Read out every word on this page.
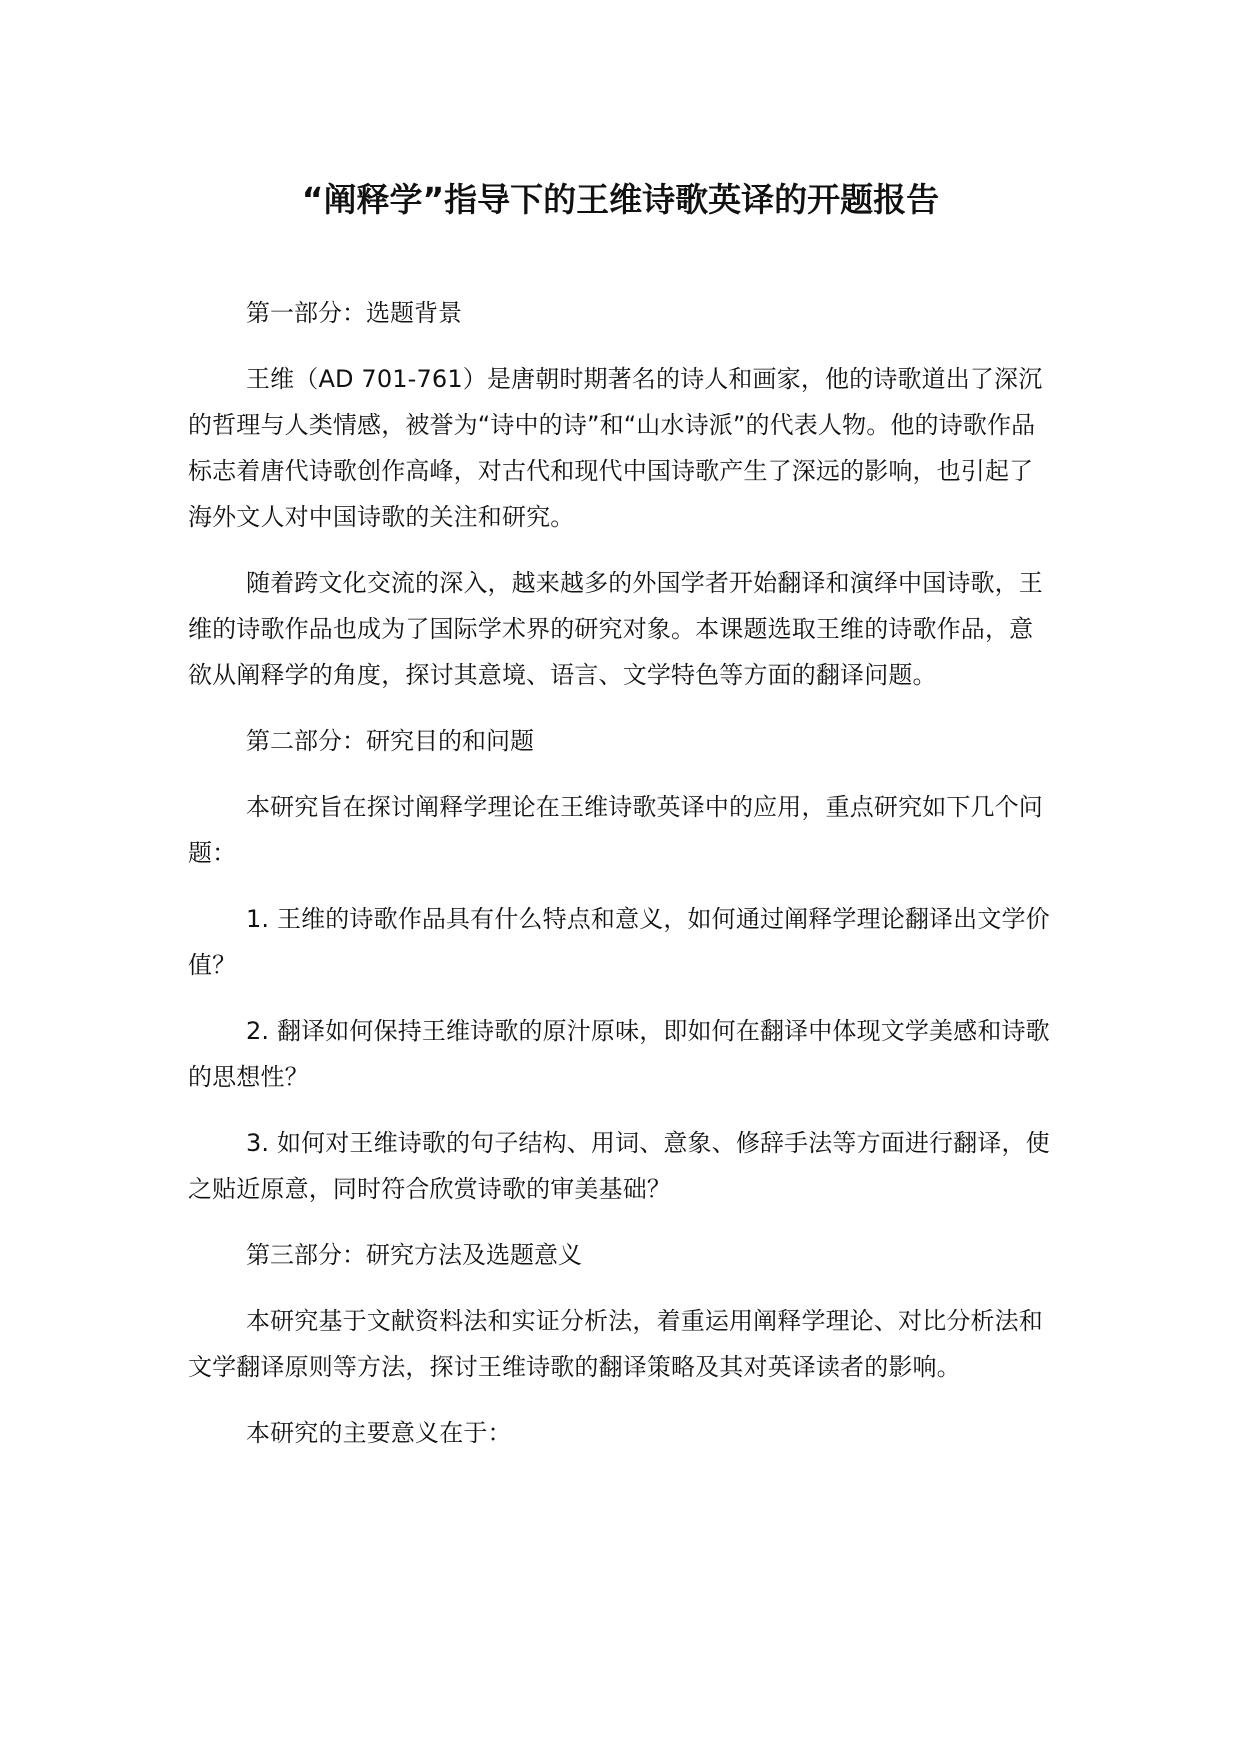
“阐释学”指导下的王维诗歌英译的开题报告

第一部分：选题背景

王维（AD 701-761）是唐朝时期著名的诗人和画家，他的诗歌道出了深沉的哲理与人类情感，被誉为“诗中的诗”和“山水诗派”的代表人物。他的诗歌作品标志着唐代诗歌创作高峰，对古代和现代中国诗歌产生了深远的影响，也引起了海外文人对中国诗歌的关注和研究。

随着跨文化交流的深入，越来越多的外国学者开始翻译和演绎中国诗歌，王维的诗歌作品也成为了国际学术界的研究对象。本课题选取王维的诗歌作品，意欲从阐释学的角度，探讨其意境、语言、文学特色等方面的翻译问题。

第二部分：研究目的和问题

本研究旨在探讨阐释学理论在王维诗歌英译中的应用，重点研究如下几个问题：

1. 王维的诗歌作品具有什么特点和意义，如何通过阐释学理论翻译出文学价值？

2. 翻译如何保持王维诗歌的原汁原味，即如何在翻译中体现文学美感和诗歌的思想性？

3. 如何对王维诗歌的句子结构、用词、意象、修辞手法等方面进行翻译，使之贴近原意，同时符合欣赏诗歌的审美基础？

第三部分：研究方法及选题意义

本研究基于文献资料法和实证分析法，着重运用阐释学理论、对比分析法和文学翻译原则等方法，探讨王维诗歌的翻译策略及其对英译读者的影响。

本研究的主要意义在于：
